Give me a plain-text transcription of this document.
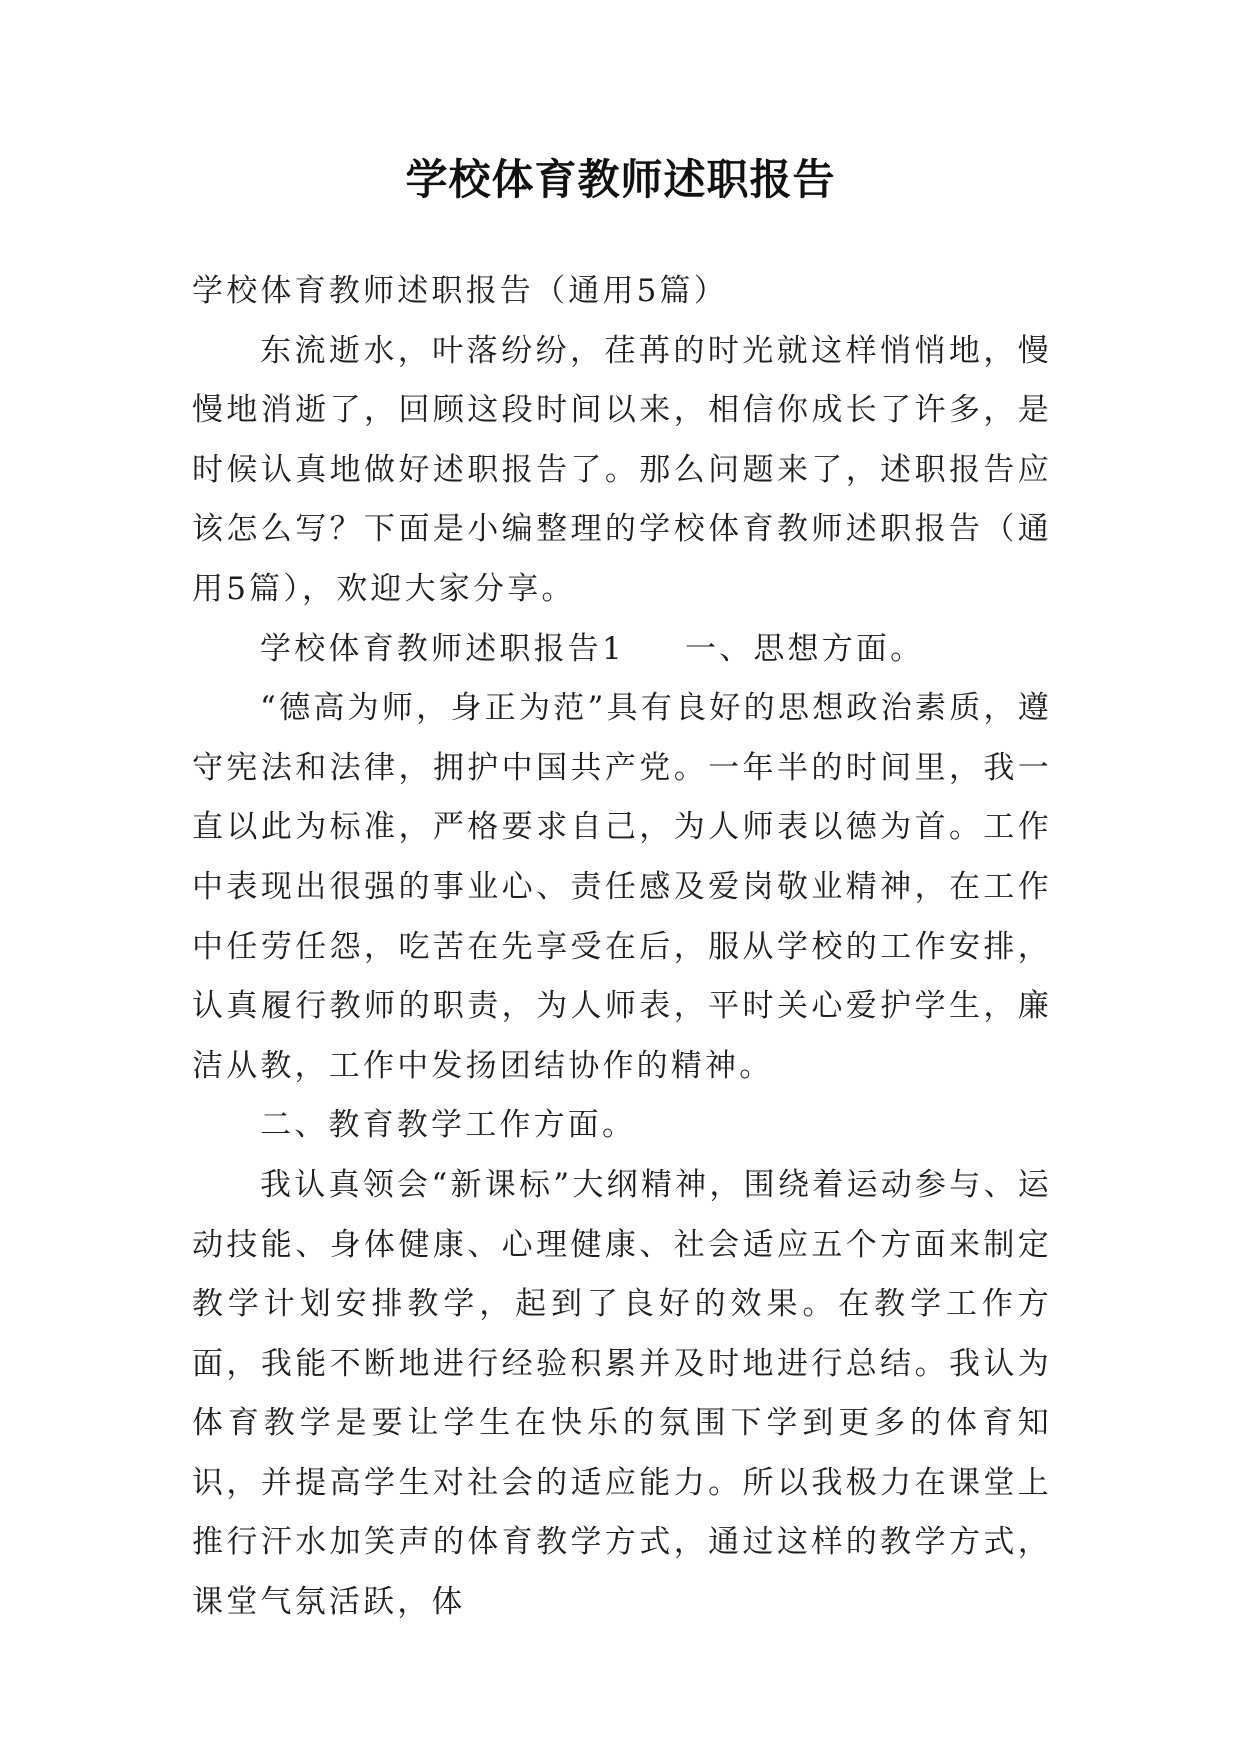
学校体育教师述职报告

学校体育教师述职报告（通用5篇）

东流逝水，叶落纷纷，荏苒的时光就这样悄悄地，慢慢地消逝了，回顾这段时间以来，相信你成长了许多，是时候认真地做好述职报告了。那么问题来了，述职报告应该怎么写？下面是小编整理的学校体育教师述职报告（通用5篇），欢迎大家分享。

学校体育教师述职报告1 一、思想方面。

“德高为师，身正为范”具有良好的思想政治素质，遵守宪法和法律，拥护中国共产党。一年半的时间里，我一直以此为标准，严格要求自己，为人师表以德为首。工作中表现出很强的事业心、责任感及爱岗敬业精神，在工作中任劳任怨，吃苦在先享受在后，服从学校的工作安排，认真履行教师的职责，为人师表，平时关心爱护学生，廉洁从教，工作中发扬团结协作的精神。

二、教育教学工作方面。

我认真领会“新课标”大纲精神，围绕着运动参与、运动技能、身体健康、心理健康、社会适应五个方面来制定教学计划安排教学，起到了良好的效果。在教学工作方面，我能不断地进行经验积累并及时地进行总结。我认为体育教学是要让学生在快乐的氛围下学到更多的体育知识，并提高学生对社会的适应能力。所以我极力在课堂上推行汗水加笑声的体育教学方式，通过这样的教学方式，课堂气氛活跃，体
